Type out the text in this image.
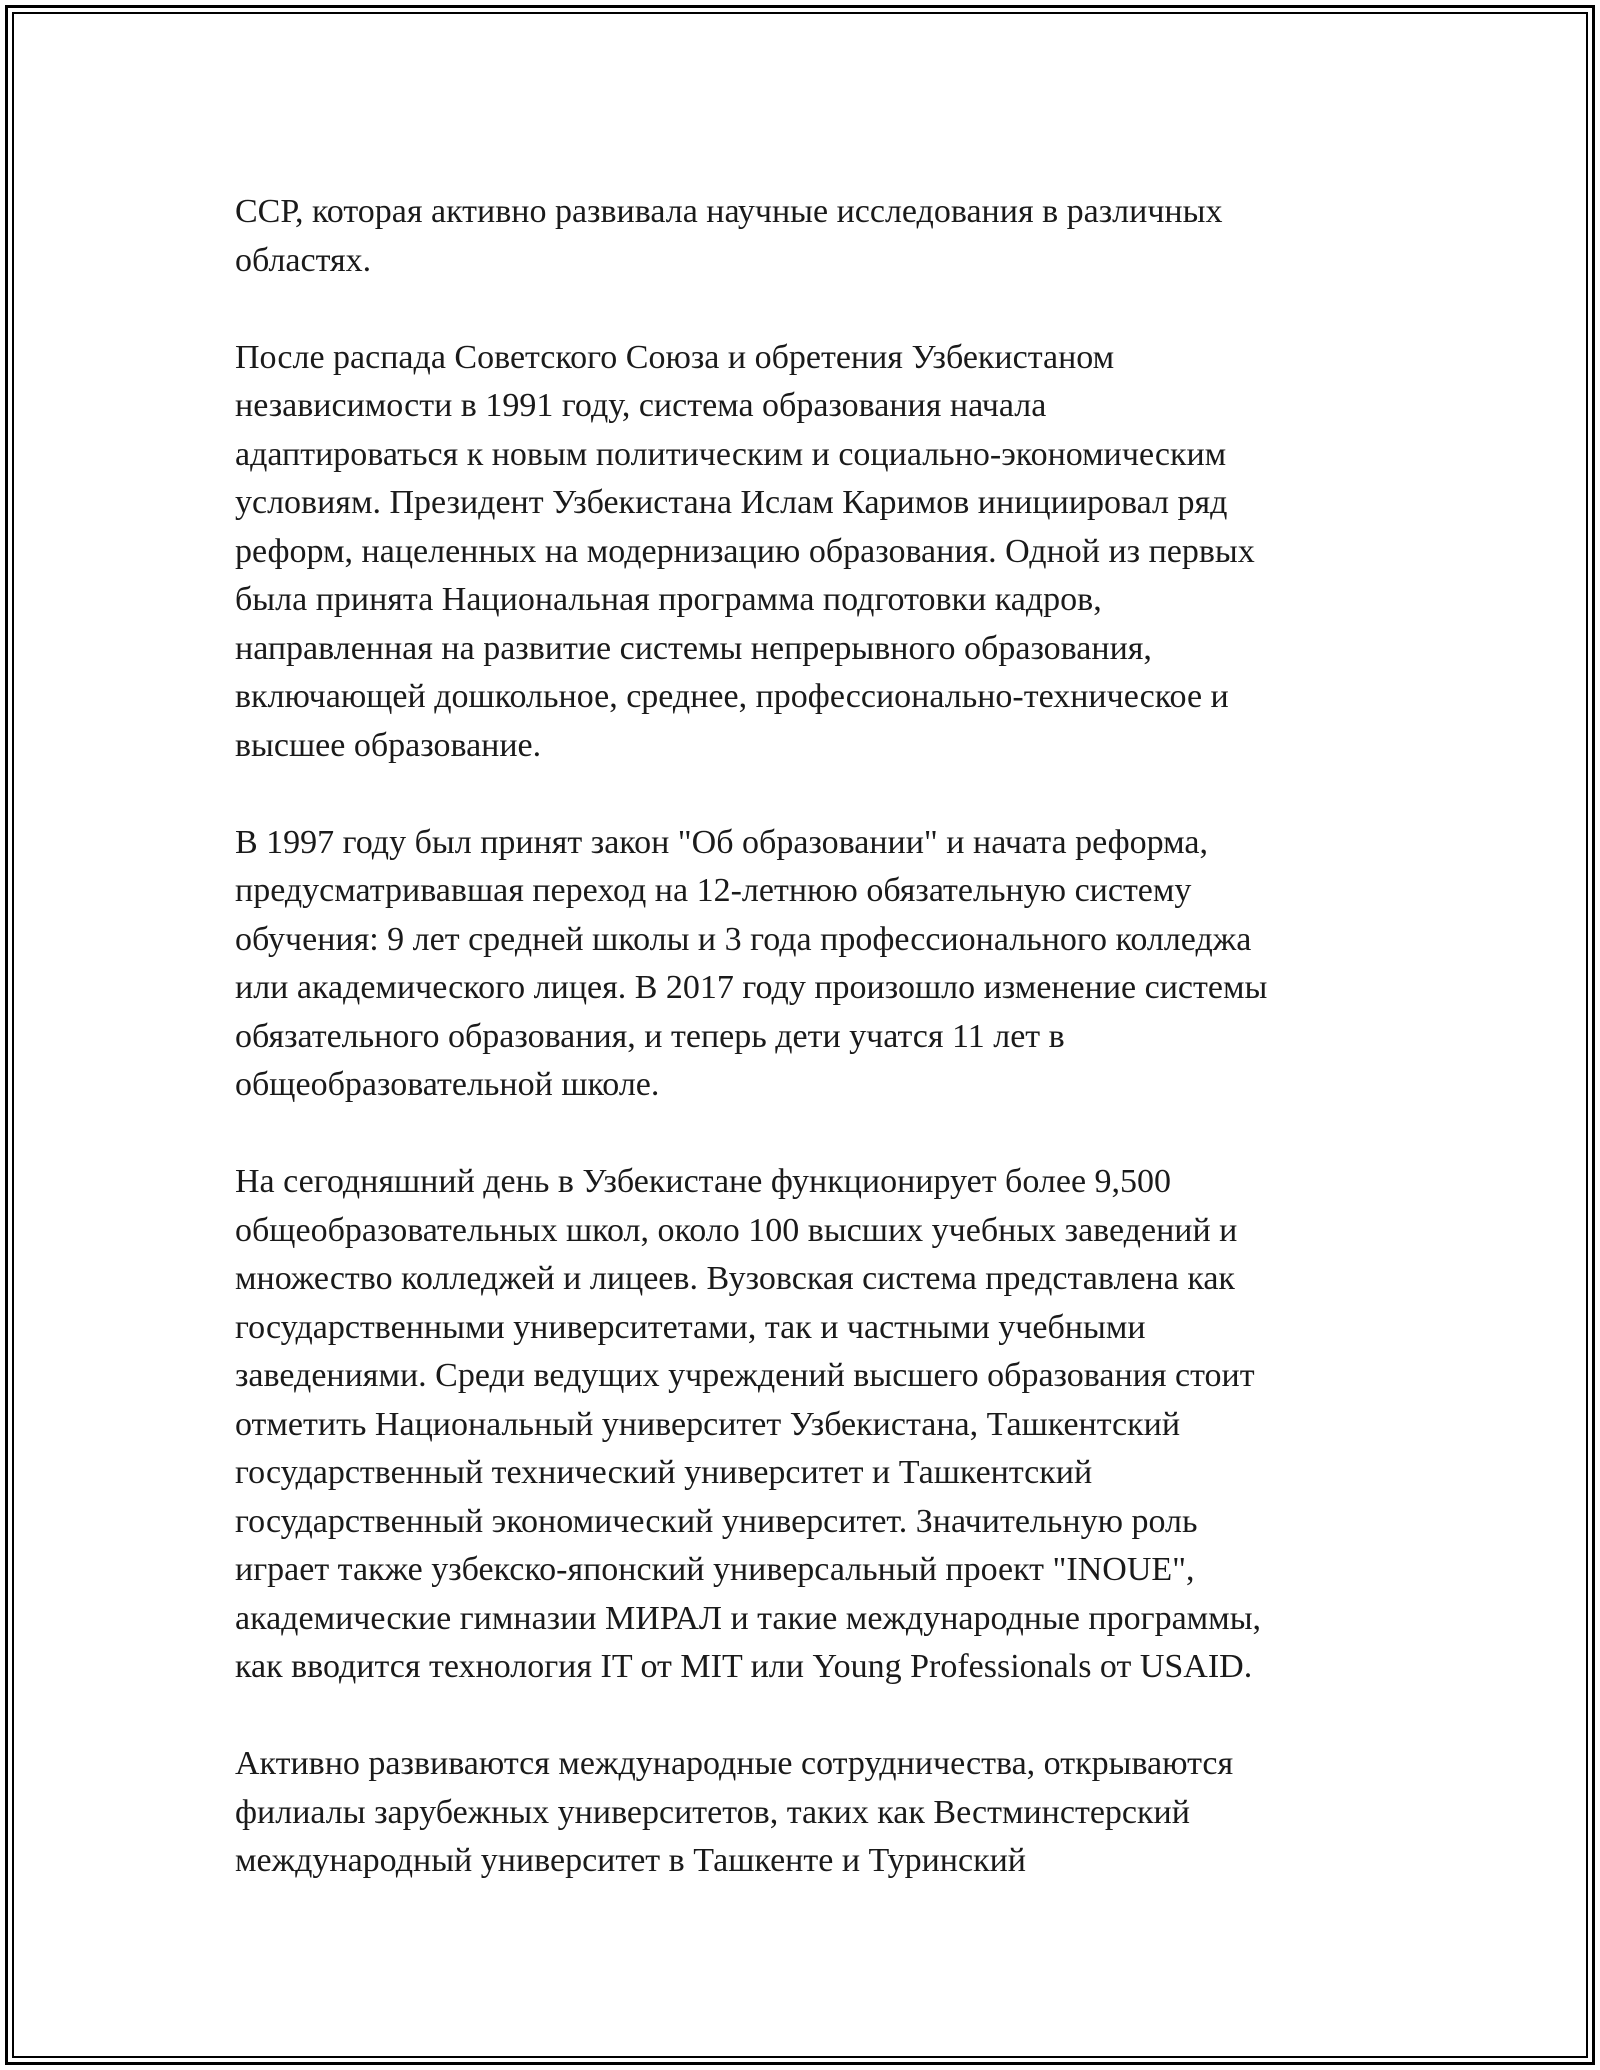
ССР, которая активно развивала научные исследования в различных
областях.

После распада Советского Союза и обретения Узбекистаном
независимости в 1991 году, система образования начала
адаптироваться к новым политическим и социально-экономическим
условиям. Президент Узбекистана Ислам Каримов инициировал ряд
реформ, нацеленных на модернизацию образования. Одной из первых
была принята Национальная программа подготовки кадров,
направленная на развитие системы непрерывного образования,
включающей дошкольное, среднее, профессионально-техническое и
высшее образование.

В 1997 году был принят закон "Об образовании" и начата реформа,
предусматривавшая переход на 12-летнюю обязательную систему
обучения: 9 лет средней школы и 3 года профессионального колледжа
или академического лицея. В 2017 году произошло изменение системы
обязательного образования, и теперь дети учатся 11 лет в
общеобразовательной школе.

На сегодняшний день в Узбекистане функционирует более 9,500
общеобразовательных школ, около 100 высших учебных заведений и
множество колледжей и лицеев. Вузовская система представлена как
государственными университетами, так и частными учебными
заведениями. Среди ведущих учреждений высшего образования стоит
отметить Национальный университет Узбекистана, Ташкентский
государственный технический университет и Ташкентский
государственный экономический университет. Значительную роль
играет также узбекско-японский универсальный проект "INOUE",
академические гимназии МИРАЛ и такие международные программы,
как вводится технология IT от MIT или Young Professionals от USAID.

Активно развиваются международные сотрудничества, открываются
филиалы зарубежных университетов, таких как Вестминстерский
международный университет в Ташкенте и Туринский
